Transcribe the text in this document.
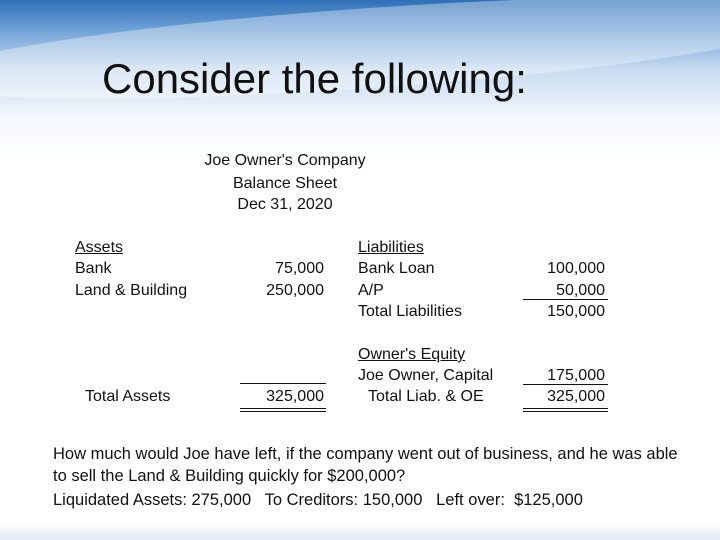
Consider the following:
Joe Owner's Company
Balance Sheet
Dec 31, 2020
Assets
Bank	75,000
Land & Building	250,000
Total Assets	325,000
Liabilities
Bank Loan	100,000
A/P	50,000
Total Liabilities	150,000
Owner's Equity
Joe Owner, Capital	175,000
Total Liab. & OE	325,000
How much would Joe have left, if the company went out of business, and he was able to sell the Land & Building quickly for $200,000?
Liquidated Assets: 275,000   To Creditors: 150,000   Left over:  $125,000
